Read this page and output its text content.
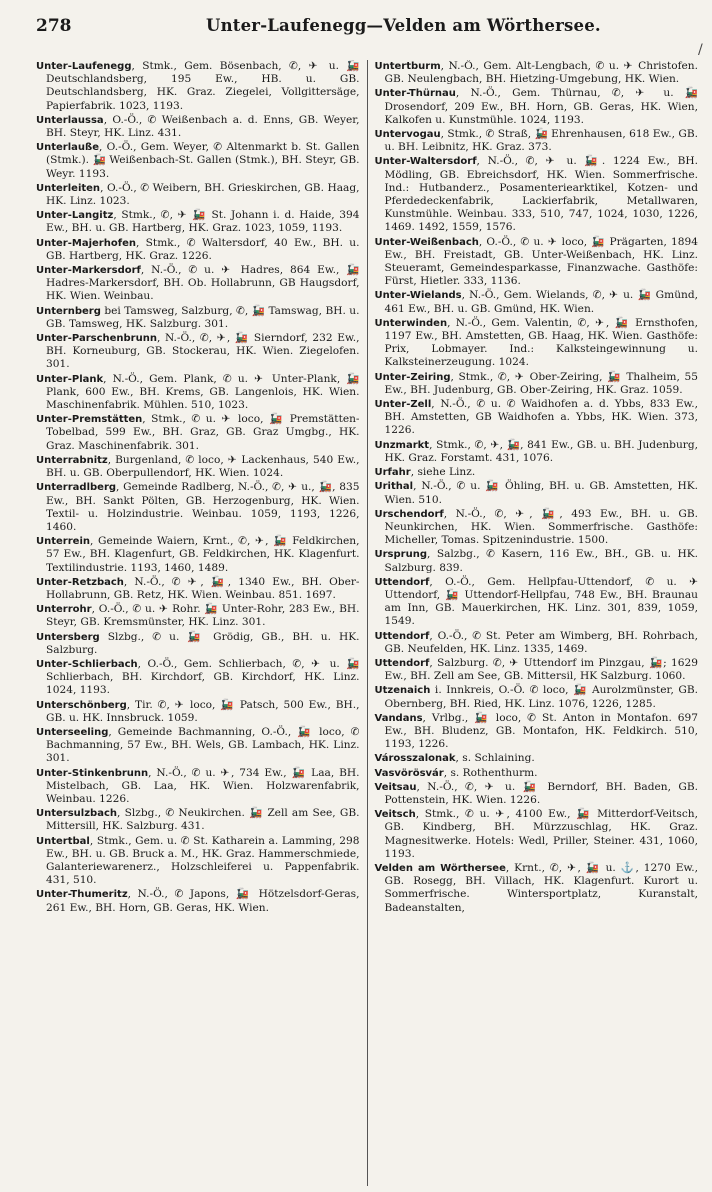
278	Unter-Laufenegg—Velden am Wörthersee.
/

Unter-Laufenegg, Stmk., Gem. Bösenbach, ✆, ✈ u. 🚂 Deutschlandsberg, 195 Ew., HB. u. GB. Deutschlandsberg, HK. Graz. Ziegelei, Vollgittersäge, Papierfabrik. 1023, 1193.

Unterlaussa, O.-Ö., ✆ Weißenbach a. d. Enns, GB. Weyer, BH. Steyr, HK. Linz. 431.

Unterlauße, O.-Ö., Gem. Weyer, ✆ Altenmarkt b. St. Gallen (Stmk.). 🚂 Weißenbach-St. Gallen (Stmk.), BH. Steyr, GB. Weyr. 1193.

Unterleiten, O.-Ö., ✆ Weibern, BH. Grieskirchen, GB. Haag, HK. Linz. 1023.

Unter-Langitz, Stmk., ✆, ✈ 🚂 St. Johann i. d. Haide, 394 Ew., BH. u. GB. Hartberg, HK. Graz. 1023, 1059, 1193.

Unter-Majerhofen, Stmk., ✆ Waltersdorf, 40 Ew., BH. u. GB. Hartberg, HK. Graz. 1226.

Unter-Markersdorf, N.-Ö., ✆ u. ✈ Hadres, 864 Ew., 🚂 Hadres-Markersdorf, BH. Ob. Hollabrunn, GB Haugsdorf, HK. Wien. Weinbau.

Unternberg bei Tamsweg, Salzburg, ✆, 🚂 Tamswag, BH. u. GB. Tamsweg, HK. Salzburg. 301.

Unter-Parschenbrunn, N.-Ö., ✆, ✈, 🚂 Sierndorf, 232 Ew., BH. Korneuburg, GB. Stockerau, HK. Wien. Ziegelofen. 301.

Unter-Plank, N.-Ö., Gem. Plank, ✆ u. ✈ Unter-Plank, 🚂 Plank, 600 Ew., BH. Krems, GB. Langenlois, HK. Wien. Maschinenfabrik. Mühlen. 510, 1023.

Unter-Premstätten, Stmk., ✆ u. ✈ loco, 🚂 Premstätten-Tobelbad, 599 Ew., BH. Graz, GB. Graz Umgbg., HK. Graz. Maschinenfabrik. 301.

Unterrabnitz, Burgenland, ✆ loco, ✈ Lackenhaus, 540 Ew., BH. u. GB. Oberpullendorf, HK. Wien. 1024.

Unterradlberg, Gemeinde Radlberg, N.-Ö., ✆, ✈ u., 🚂, 835 Ew., BH. Sankt Pölten, GB. Herzogenburg, HK. Wien. Textil- u. Holzindustrie. Weinbau. 1059, 1193, 1226, 1460.

Unterrein, Gemeinde Waiern, Krnt., ✆, ✈, 🚂 Feldkirchen, 57 Ew., BH. Klagenfurt, GB. Feldkirchen, HK. Klagenfurt. Textilindustrie. 1193, 1460, 1489.

Unter-Retzbach, N.-Ö., ✆ ✈, 🚂, 1340 Ew., BH. Ober-Hollabrunn, GB. Retz, HK. Wien. Weinbau. 851. 1697.

Unterrohr, O.-Ö., ✆ u. ✈ Rohr. 🚂 Unter-Rohr, 283 Ew., BH. Steyr, GB. Kremsmünster, HK. Linz. 301.

Untersberg Slzbg., ✆ u. 🚂 Grödig, GB., BH. u. HK. Salzburg.

Unter-Schlierbach, O.-Ö., Gem. Schlierbach, ✆, ✈ u. 🚂 Schlierbach, BH. Kirchdorf, GB. Kirchdorf, HK. Linz. 1024, 1193.

Unterschönberg, Tir. ✆, ✈ loco, 🚂 Patsch, 500 Ew., BH., GB. u. HK. Innsbruck. 1059.

Unterseeling, Gemeinde Bachmanning, O.-Ö., 🚂 loco, ✆ Bachmanning, 57 Ew., BH. Wels, GB. Lambach, HK. Linz. 301.

Unter-Stinkenbrunn, N.-Ö., ✆ u. ✈, 734 Ew., 🚂 Laa, BH. Mistelbach, GB. Laa, HK. Wien. Holzwarenfabrik, Weinbau. 1226.

Untersulzbach, Slzbg., ✆ Neukirchen. 🚂 Zell am See, GB. Mittersill, HK. Salzburg. 431.

Untertbal, Stmk., Gem. u. ✆ St. Katharein a. Lamming, 298 Ew., BH. u. GB. Bruck a. M., HK. Graz. Hammerschmiede, Galanteriewarenerz., Holzschleiferei u. Pappenfabrik. 431, 510.

Unter-Thumeritz, N.-Ö., ✆ Japons, 🚂 Hötzelsdorf-Geras, 261 Ew., BH. Horn, GB. Geras, HK. Wien.

Untertburm, N.-Ö., Gem. Alt-Lengbach, ✆ u. ✈ Christofen. GB. Neulengbach, BH. Hietzing-Umgebung, HK. Wien.

Unter-Thürnau, N.-Ö., Gem. Thürnau, ✆, ✈ u. 🚂 Drosendorf, 209 Ew., BH. Horn, GB. Geras, HK. Wien, Kalkofen u. Kunstmühle. 1024, 1193.

Untervogau, Stmk., ✆ Straß, 🚂 Ehrenhausen, 618 Ew., GB. u. BH. Leibnitz, HK. Graz. 373.

Unter-Waltersdorf, N.-Ö., ✆, ✈ u. 🚂. 1224 Ew., BH. Mödling, GB. Ebreichsdorf, HK. Wien. Sommerfrische. Ind.: Hutbanderz., Posamenteriearktikel, Kotzen- und Pferdedeckenfabrik, Lackierfabrik, Metallwaren, Kunstmühle. Weinbau. 333, 510, 747, 1024, 1030, 1226, 1469. 1492, 1559, 1576.

Unter-Weißenbach, O.-Ö., ✆ u. ✈ loco, 🚂 Prägarten, 1894 Ew., BH. Freistadt, GB. Unter-Weißenbach, HK. Linz. Steueramt, Gemeindesparkasse, Finanzwache. Gasthöfe: Fürst, Hietler. 333, 1136.

Unter-Wielands, N.-Ö., Gem. Wielands, ✆, ✈ u. 🚂 Gmünd, 461 Ew., BH. u. GB. Gmünd, HK. Wien.

Unterwinden, N.-Ö., Gem. Valentin, ✆, ✈, 🚂 Ernsthofen, 1197 Ew., BH. Amstetten, GB. Haag, HK. Wien. Gasthöfe: Prix, Lobmayer. Ind.: Kalksteingewinnung u. Kalksteinerzeugung. 1024.

Unter-Zeiring, Stmk., ✆, ✈ Ober-Zeiring, 🚂 Thalheim, 55 Ew., BH. Judenburg, GB. Ober-Zeiring, HK. Graz. 1059.

Unter-Zell, N.-Ö., ✆ u. ✆ Waidhofen a. d. Ybbs, 833 Ew., BH. Amstetten, GB Waidhofen a. Ybbs, HK. Wien. 373, 1226.

Unzmarkt, Stmk., ✆, ✈, 🚂, 841 Ew., GB. u. BH. Judenburg, HK. Graz. Forstamt. 431, 1076.

Urfahr, siehe Linz.

Urithal, N.-Ö., ✆ u. 🚂 Öhling, BH. u. GB. Amstetten, HK. Wien. 510.

Urschendorf, N.-Ö., ✆, ✈, 🚂, 493 Ew., BH. u. GB. Neunkirchen, HK. Wien. Sommerfrische. Gasthöfe: Micheller, Tomas. Spitzenindustrie. 1500.

Ursprung, Salzbg., ✆ Kasern, 116 Ew., BH., GB. u. HK. Salzburg. 839.

Uttendorf, O.-Ö., Gem. Hellpfau-Uttendorf, ✆ u. ✈ Uttendorf, 🚂 Uttendorf-Hellpfau, 748 Ew., BH. Braunau am Inn, GB. Mauerkirchen, HK. Linz. 301, 839, 1059, 1549.

Uttendorf, O.-Ö., ✆ St. Peter am Wimberg, BH. Rohrbach, GB. Neufelden, HK. Linz. 1335, 1469.

Uttendorf, Salzburg. ✆, ✈ Uttendorf im Pinzgau, 🚂; 1629 Ew., BH. Zell am See, GB. Mittersil, HK Salzburg. 1060.

Utzenaich i. Innkreis, O.-Ö. ✆ loco, 🚂 Aurolzmünster, GB. Obernberg, BH. Ried, HK. Linz. 1076, 1226, 1285.

Vandans, Vrlbg., 🚂 loco, ✆ St. Anton in Montafon. 697 Ew., BH. Bludenz, GB. Montafon, HK. Feldkirch. 510, 1193, 1226.

Városszalonak, s. Schlaining.

Vasvörösvár, s. Rothenthurm.

Veitsau, N.-Ö., ✆, ✈ u. 🚂 Berndorf, BH. Baden, GB. Pottenstein, HK. Wien. 1226.

Veitsch, Stmk., ✆ u. ✈, 4100 Ew., 🚂 Mitterdorf-Veitsch, GB. Kindberg, BH. Mürzzuschlag, HK. Graz. Magnesitwerke. Hotels: Wedl, Priller, Steiner. 431, 1060, 1193.

Velden am Wörthersee, Krnt., ✆, ✈, 🚂 u. ⚓, 1270 Ew., GB. Rosegg, BH. Villach, HK. Klagenfurt. Kurort u. Sommerfrische. Wintersportplatz, Kuranstalt, Badeanstalten,
